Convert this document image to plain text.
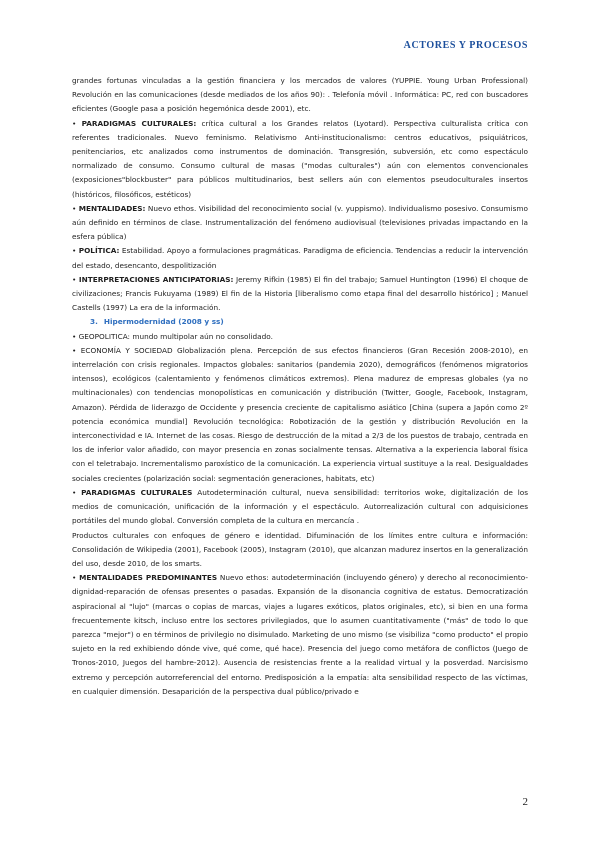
ACTORES Y PROCESOS

grandes fortunas vinculadas a la gestión financiera y los mercados de valores (YUPPIE. Young Urban Professional) Revolución en las comunicaciones (desde mediados de los años 90): . Telefonía móvil . Informática: PC, red con buscadores eficientes (Google pasa a posición hegemónica desde 2001), etc.

• PARADIGMAS CULTURALES: crítica cultural a los Grandes relatos (Lyotard). Perspectiva culturalista crítica con referentes tradicionales. Nuevo feminismo. Relativismo Anti-institucionalismo: centros educativos, psiquiátricos, penitenciarios, etc analizados como instrumentos de dominación. Transgresión, subversión, etc como espectáculo normalizado de consumo. Consumo cultural de masas ("modas culturales") aún con elementos convencionales (exposiciones"blockbuster" para públicos multitudinarios, best sellers aún con elementos pseudoculturales insertos (históricos, filosóficos, estéticos)

• MENTALIDADES: Nuevo ethos. Visibilidad del reconocimiento social (v. yuppismo). Individualismo posesivo. Consumismo aún definido en términos de clase. Instrumentalización del fenómeno audiovisual (televisiones privadas impactando en la esfera pública)

• POLÍTICA: Estabilidad. Apoyo a formulaciones pragmáticas. Paradigma de eficiencia. Tendencias a reducir la intervención del estado, desencanto, despolitización

• INTERPRETACIONES ANTICIPATORIAS: Jeremy Rifkin (1985) El fin del trabajo; Samuel Huntington (1996) El choque de civilizaciones; Francis Fukuyama (1989) El fin de la Historia [liberalismo como etapa final del desarrollo histórico] ; Manuel Castells (1997) La era de la información.

3. Hipermodernidad (2008 y ss)

• GEOPOLITICA: mundo multipolar aún no consolidado.

• ECONOMÍA Y SOCIEDAD Globalización plena. Percepción de sus efectos financieros (Gran Recesión 2008-2010), en interrelación con crisis regionales. Impactos globales: sanitarios (pandemia 2020), demográficos (fenómenos migratorios intensos), ecológicos (calentamiento y fenómenos climáticos extremos). Plena madurez de empresas globales (ya no multinacionales) con tendencias monopolísticas en comunicación y distribución (Twitter, Google, Facebook, Instagram, Amazon). Pérdida de liderazgo de Occidente y presencia creciente de capitalismo asiático [China (supera a Japón como 2º potencia económica mundial] Revolución tecnológica: Robotización de la gestión y distribución Revolución en la interconectividad e IA. Internet de las cosas. Riesgo de destrucción de la mitad a 2/3 de los puestos de trabajo, centrada en los de inferior valor añadido, con mayor presencia en zonas socialmente tensas. Alternativa a la experiencia laboral física con el teletrabajo. Incrementalismo paroxístico de la comunicación. La experiencia virtual sustituye a la real. Desigualdades sociales crecientes (polarización social: segmentación generaciones, habitats, etc)

• PARADIGMAS CULTURALES Autodeterminación cultural, nueva sensibilidad: territorios woke, digitalización de los medios de comunicación, unificación de la información y el espectáculo. Autorrealización cultural con adquisiciones portátiles del mundo global. Conversión completa de la cultura en mercancía .

Productos culturales con enfoques de género e identidad. Difuminación de los límites entre cultura e información: Consolidación de Wikipedia (2001), Facebook (2005), Instagram (2010), que alcanzan madurez insertos en la generalización del uso, desde 2010, de los smarts.

• MENTALIDADES PREDOMINANTES Nuevo ethos: autodeterminación (incluyendo género) y derecho al reconocimiento-dignidad-reparación de ofensas presentes o pasadas. Expansión de la disonancia cognitiva de estatus. Democratización aspiracional al "lujo" (marcas o copias de marcas, viajes a lugares exóticos, platos originales, etc), si bien en una forma frecuentemente kitsch, incluso entre los sectores privilegiados, que lo asumen cuantitativamente ("más" de todo lo que parezca "mejor") o en términos de privilegio no disimulado. Marketing de uno mismo (se visibiliza "como producto" el propio sujeto en la red exhibiendo dónde vive, qué come, qué hace). Presencia del juego como metáfora de conflictos (Juego de Tronos-2010, Juegos del hambre-2012). Ausencia de resistencias frente a la realidad virtual y la posverdad. Narcisismo extremo y percepción autorreferencial del entorno. Predisposición a la empatía: alta sensibilidad respecto de las víctimas, en cualquier dimensión. Desaparición de la perspectiva dual público/privado e

2
